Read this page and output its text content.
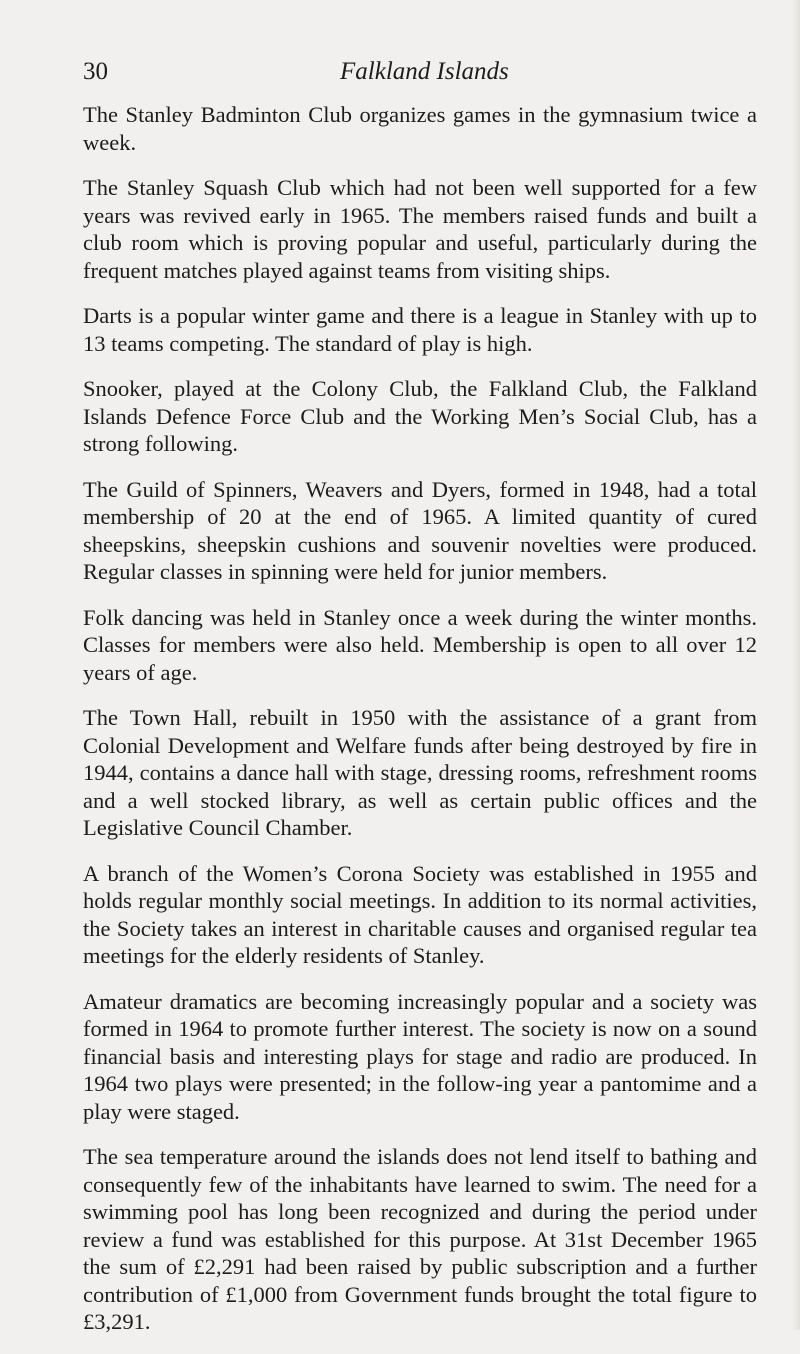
30	Falkland Islands

The Stanley Badminton Club organizes games in the gymnasium twice a week.

The Stanley Squash Club which had not been well supported for a few years was revived early in 1965. The members raised funds and built a club room which is proving popular and useful, particularly during the frequent matches played against teams from visiting ships.

Darts is a popular winter game and there is a league in Stanley with up to 13 teams competing. The standard of play is high.

Snooker, played at the Colony Club, the Falkland Club, the Falkland Islands Defence Force Club and the Working Men’s Social Club, has a strong following.

The Guild of Spinners, Weavers and Dyers, formed in 1948, had a total membership of 20 at the end of 1965. A limited quantity of cured sheepskins, sheepskin cushions and souvenir novelties were produced. Regular classes in spinning were held for junior members.

Folk dancing was held in Stanley once a week during the winter months. Classes for members were also held. Membership is open to all over 12 years of age.

The Town Hall, rebuilt in 1950 with the assistance of a grant from Colonial Development and Welfare funds after being destroyed by fire in 1944, contains a dance hall with stage, dressing rooms, refreshment rooms and a well stocked library, as well as certain public offices and the Legislative Council Chamber.

A branch of the Women’s Corona Society was established in 1955 and holds regular monthly social meetings. In addition to its normal activities, the Society takes an interest in charitable causes and organised regular tea meetings for the elderly residents of Stanley.

Amateur dramatics are becoming increasingly popular and a society was formed in 1964 to promote further interest. The society is now on a sound financial basis and interesting plays for stage and radio are produced. In 1964 two plays were presented; in the follow-ing year a pantomime and a play were staged.

The sea temperature around the islands does not lend itself to bathing and consequently few of the inhabitants have learned to swim. The need for a swimming pool has long been recognized and during the period under review a fund was established for this purpose. At 31st December 1965 the sum of £2,291 had been raised by public subscription and a further contribution of £1,000 from Government funds brought the total figure to £3,291.
